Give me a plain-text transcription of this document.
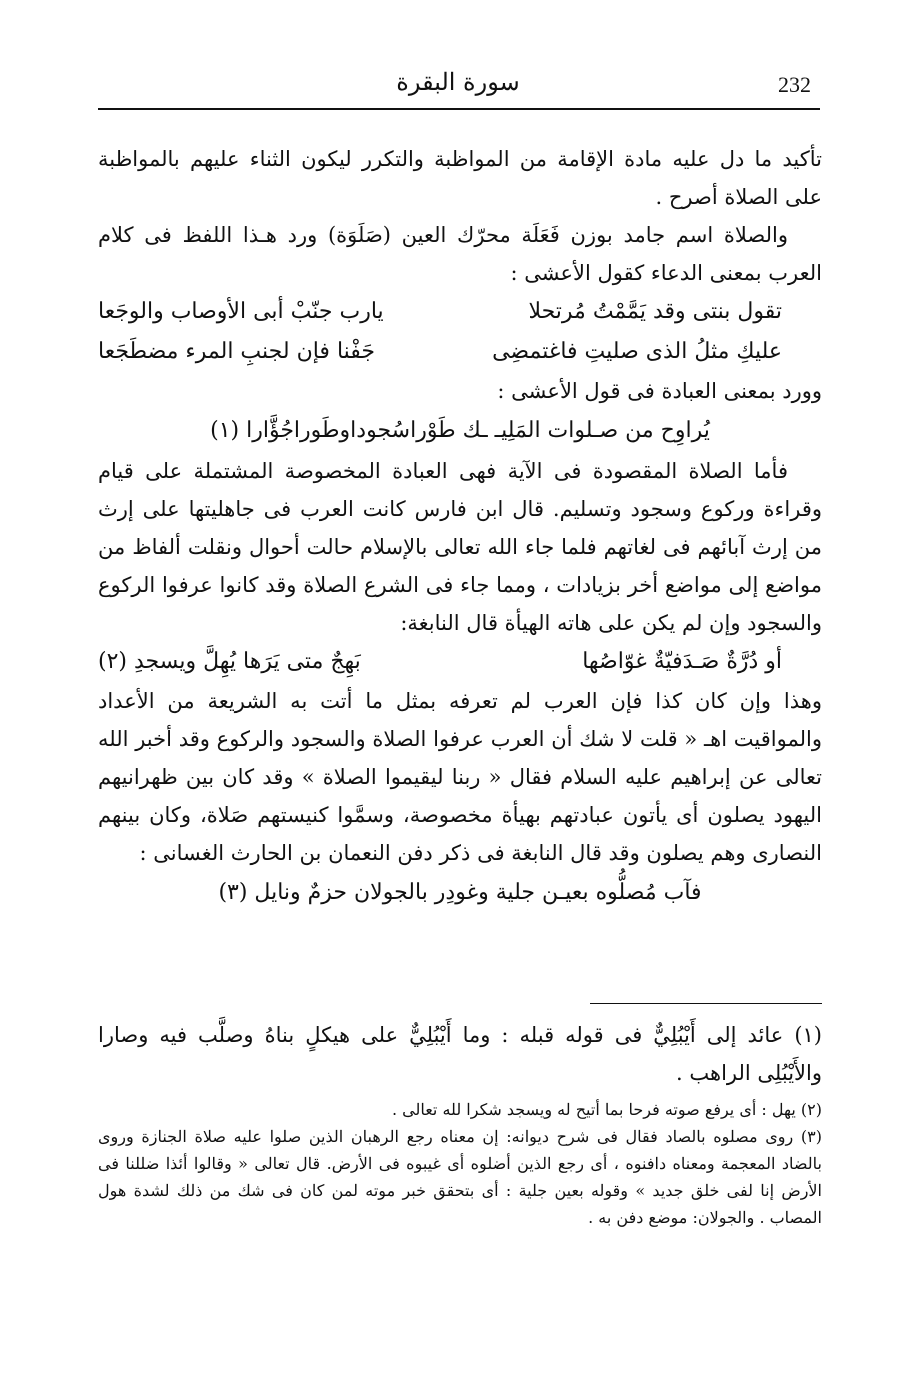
232
سورة البقرة

تأكيد ما دل عليه مادة الإقامة من المواظبة والتكرر ليكون الثناء عليهم بالمواظبة على الصلاة أصرح .

والصلاة اسم جامد بوزن فَعَلَة محرّك العين (صَلَوَة) ورد هـذا اللفظ فى كلام العرب بمعنى الدعاء كقول الأعشى :

تقول بنتى وقد يَمَّمْتُ مُرتحلا
يارب جنّبْ أبى الأوصاب والوجَعا
عليكِ مثلُ الذى صليتِ فاغتمضِى
جَفْنا فإن لجنبِ المرء مضطَجَعا

وورد بمعنى العبادة فى قول الأعشى :

يُراوِح من صـلوات المَلِيـ ـك طَوْراسُجوداوطَوراجُؤَّارا (١)

فأما الصلاة المقصودة فى الآية فهى العبادة المخصوصة المشتملة على قيام وقراءة وركوع وسجود وتسليم. قال ابن فارس كانت العرب فى جاهليتها على إرث من إرث آبائهم فى لغاتهم فلما جاء الله تعالى بالإسلام حالت أحوال ونقلت ألفاظ من مواضع إلى مواضع أخر بزيادات ، ومما جاء فى الشرع الصلاة وقد كانوا عرفوا الركوع والسجود وإن لم يكن على هاته الهيأة قال النابغة:

أو دُرَّةٌ صَـدَفيّةٌ غوّاصُها
بَهِجٌ متى يَرَها يُهِلَّ ويسجدِ (٢)

وهذا وإن كان كذا فإن العرب لم تعرفه بمثل ما أتت به الشريعة من الأعداد والمواقيت اهـ « قلت لا شك أن العرب عرفوا الصلاة والسجود والركوع وقد أخبر الله تعالى عن إبراهيم عليه السلام فقال « ربنا ليقيموا الصلاة » وقد كان بين ظهرانيهم اليهود يصلون أى يأتون عبادتهم بهيأة مخصوصة، وسمَّوا كنيستهم صَلاة، وكان بينهم النصارى وهم يصلون وقد قال النابغة فى ذكر دفن النعمان بن الحارث الغسانى :

فآب مُصلُّوه بعيـن جلية وغودِر بالجولان حزمٌ ونايل (٣)

(١) عائد إلى أَيْبُلِيٌّ فى قوله قبله : وما أَيْبُلِيٌّ على هيكلٍ بناهُ وصلَّب فيه وصارا والأَيْبُلِى الراهب .

(٢) يهل : أى يرفع صوته فرحا بما أتيح له ويسجد شكرا لله تعالى .

(٣) روى مصلوه بالصاد فقال فى شرح ديوانه: إن معناه رجع الرهبان الذين صلوا عليه صلاة الجنازة وروى بالضاد المعجمة ومعناه دافنوه ، أى رجع الذين أضلوه أى غيبوه فى الأرض. قال تعالى « وقالوا أئذا ضللنا فى الأرض إنا لفى خلق جديد » وقوله بعين جلية : أى بتحقق خبر موته لمن كان فى شك من ذلك لشدة هول المصاب . والجولان: موضع دفن به .
